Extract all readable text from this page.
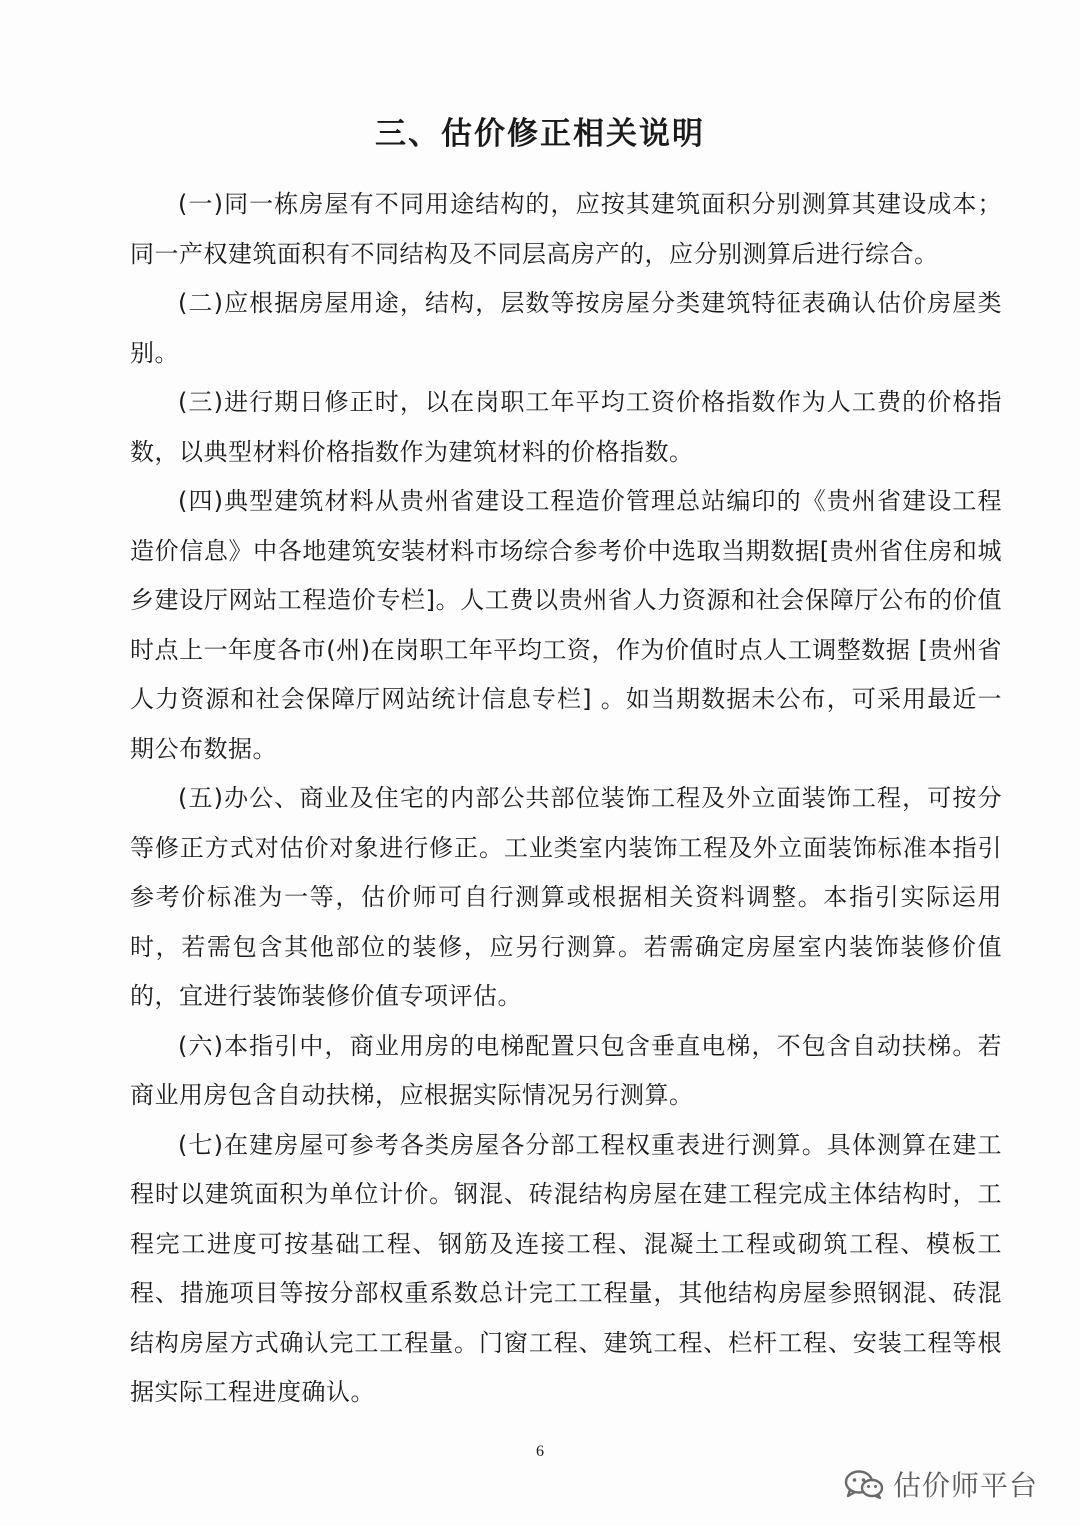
三、估价修正相关说明

(一)同一栋房屋有不同用途结构的，应按其建筑面积分别测算其建设成本；同一产权建筑面积有不同结构及不同层高房产的，应分别测算后进行综合。

(二)应根据房屋用途，结构，层数等按房屋分类建筑特征表确认估价房屋类别。

(三)进行期日修正时，以在岗职工年平均工资价格指数作为人工费的价格指数，以典型材料价格指数作为建筑材料的价格指数。

(四)典型建筑材料从贵州省建设工程造价管理总站编印的《贵州省建设工程造价信息》中各地建筑安装材料市场综合参考价中选取当期数据[贵州省住房和城乡建设厅网站工程造价专栏]。人工费以贵州省人力资源和社会保障厅公布的价值时点上一年度各市(州)在岗职工年平均工资，作为价值时点人工调整数据 [贵州省人力资源和社会保障厅网站统计信息专栏] 。如当期数据未公布，可采用最近一期公布数据。

(五)办公、商业及住宅的内部公共部位装饰工程及外立面装饰工程，可按分等修正方式对估价对象进行修正。工业类室内装饰工程及外立面装饰标准本指引参考价标准为一等，估价师可自行测算或根据相关资料调整。本指引实际运用时，若需包含其他部位的装修，应另行测算。若需确定房屋室内装饰装修价值的，宜进行装饰装修价值专项评估。

(六)本指引中，商业用房的电梯配置只包含垂直电梯，不包含自动扶梯。若商业用房包含自动扶梯，应根据实际情况另行测算。

(七)在建房屋可参考各类房屋各分部工程权重表进行测算。具体测算在建工程时以建筑面积为单位计价。钢混、砖混结构房屋在建工程完成主体结构时，工程完工进度可按基础工程、钢筋及连接工程、混凝土工程或砌筑工程、模板工程、措施项目等按分部权重系数总计完工工程量，其他结构房屋参照钢混、砖混结构房屋方式确认完工工程量。门窗工程、建筑工程、栏杆工程、安装工程等根据实际工程进度确认。

6
估价师平台
